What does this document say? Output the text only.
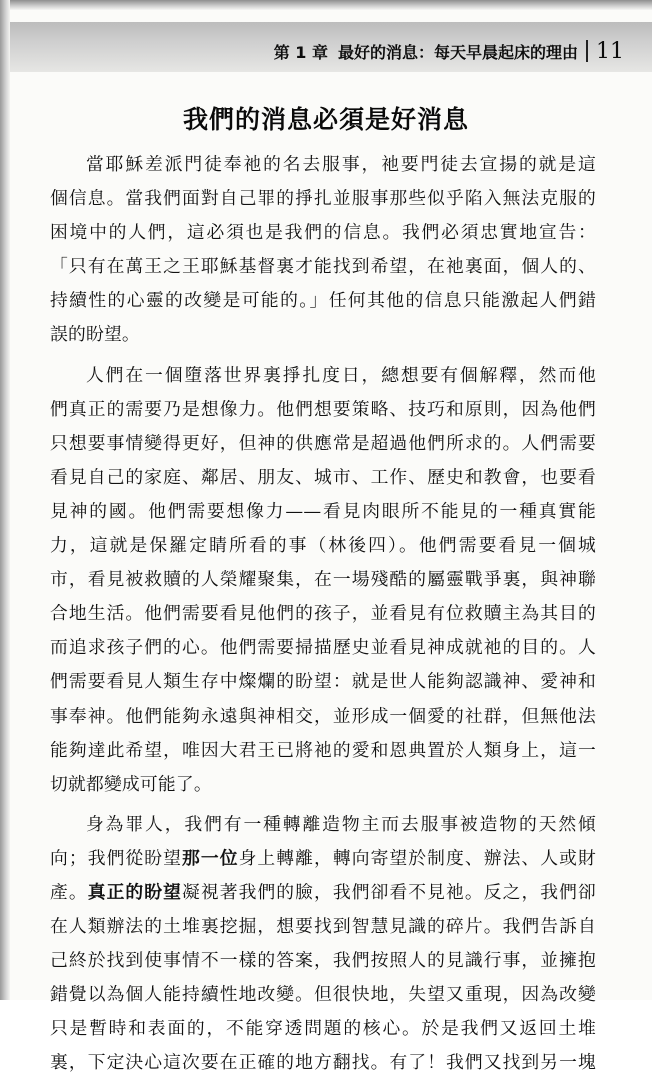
第 1 章 最好的消息：每天早晨起床的理由 11
我們的消息必須是好消息
當耶穌差派門徒奉祂的名去服事，祂要門徒去宣揚的就是這
個信息。當我們面對自己罪的掙扎並服事那些似乎陷入無法克服的
困境中的人們，這必須也是我們的信息。我們必須忠實地宣告：
「只有在萬王之王耶穌基督裏才能找到希望，在祂裏面，個人的、
持續性的心靈的改變是可能的。」任何其他的信息只能激起人們錯
誤的盼望。
人們在一個墮落世界裏掙扎度日，總想要有個解釋，然而他
們真正的需要乃是想像力。他們想要策略、技巧和原則，因為他們
只想要事情變得更好，但神的供應常是超過他們所求的。人們需要
看見自己的家庭、鄰居、朋友、城市、工作、歷史和教會，也要看
見神的國。他們需要想像力——看見肉眼所不能見的一種真實能
力，這就是保羅定睛所看的事（林後四）。他們需要看見一個城
市，看見被救贖的人榮耀聚集，在一場殘酷的屬靈戰爭裏，與神聯
合地生活。他們需要看見他們的孩子，並看見有位救贖主為其目的
而追求孩子們的心。他們需要掃描歷史並看見神成就祂的目的。人
們需要看見人類生存中燦爛的盼望：就是世人能夠認識神、愛神和
事奉神。他們能夠永遠與神相交，並形成一個愛的社群，但無他法
能夠達此希望，唯因大君王已將祂的愛和恩典置於人類身上，這一
切就都變成可能了。
身為罪人，我們有一種轉離造物主而去服事被造物的天然傾
向；我們從盼望那一位身上轉離，轉向寄望於制度、辦法、人或財
產。真正的盼望凝視著我們的臉，我們卻看不見祂。反之，我們卻
在人類辦法的土堆裏挖掘，想要找到智慧見識的碎片。我們告訴自
己終於找到使事情不一樣的答案，我們按照人的見識行事，並擁抱
錯覺以為個人能持續性地改變。但很快地，失望又重現，因為改變
只是暫時和表面的，不能穿透問題的核心。於是我們又返回土堆
裏，下定決心這次要在正確的地方翻找。有了！我們又找到另一塊
